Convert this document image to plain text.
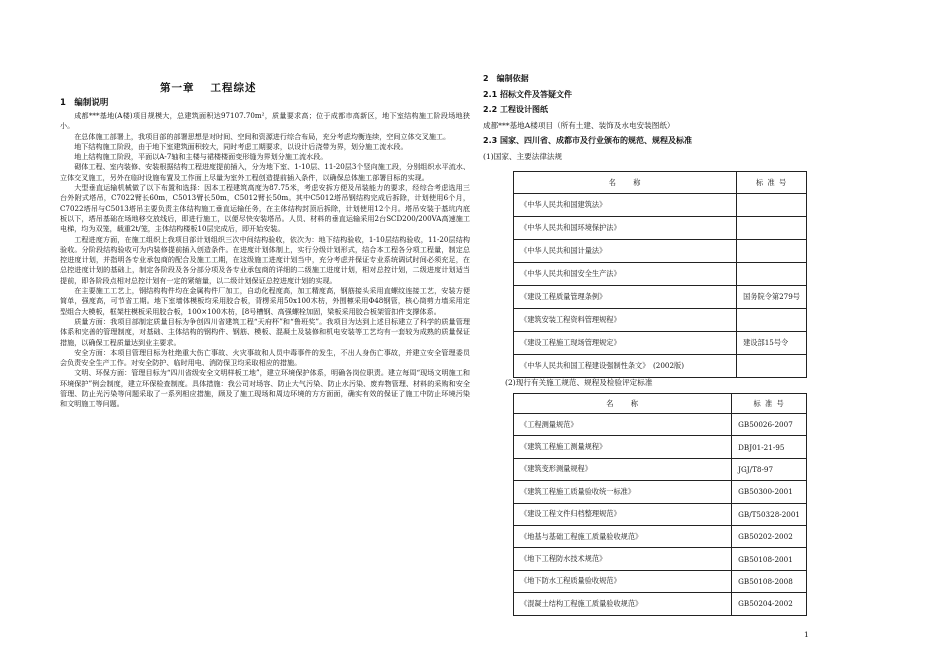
第一章 工程综述
1　编制说明

成都***基地(A楼)项目规模大，总建筑面积达97107.70m²，质量要求高；位于成都市高新区，地下室结构施工阶段场地狭小。

在总体施工部署上，我项目部的部署思想是对时间、空间和资源进行综合布局，充分考虑均衡连续，空间立体交叉施工。

地下结构施工阶段，由于地下室建筑面积较大，同时考虑工期要求，以设计后浇带为界，划分施工流水段。

地上结构施工阶段，平面以A-7轴和主楼与裙楼楼面变形缝为界划分施工流水段。

砌体工程、室内装修、安装根据结构工程进度提前插入，分为地下室、1-10层、11-20层3个竖向施工段，分别组织水平流水、立体交叉施工，另外在临时设施布置及工作面上尽量为室外工程创造提前插入条件，以确保总体施工部署目标的实现。

大型垂直运输机械做了以下布置和选择：因本工程建筑高度为87.75米，考虑安拆方便及吊装能力的要求，经综合考虑选用三台外附式塔吊，C7022臂长60m，C5013臂长50m，C5012臂长50m。其中C5012塔吊钢结构完成后拆除，计划使用6个月，C7022塔吊与C5013塔吊主要负责主体结构施工垂直运输任务，在主体结构封顶后拆除，计划使用12个月。塔吊安装于基坑内底板以下，塔吊基础在场地移交放线后，即进行施工，以便尽快安装塔吊。人员、材料的垂直运输采用2台SCD200/200VA高速施工电梯，均为双笼，载重2t/笼，主体结构楼板10层完成后，即开始安装。

工程进度方面，在施工组织上我项目部计划组织三次中间结构验收，依次为：地下结构验收，1-10层结构验收，11-20层结构验收。分阶段结构验收可为内装修提前插入创造条件。在进度计划体制上，实行分级计划形式，结合本工程各分项工程量，制定总控进度计划，并指明各专业承包商的配合及施工工期，在这级施工进度计划当中，充分考虑并保证专业系统调试时间必须充足，在总控进度计划的基础上，制定各阶段及各分部分项及各专业承包商的详细的二级施工进度计划，相对总控计划，二级进度计划适当提前，即各阶段点相对总控计划有一定的紧缩量，以二级计划保证总控进度计划的实现。

在主要施工工艺上，钢结构构件均在金属构件厂加工，自动化程度高，加工精度高，钢筋接头采用直螺纹连接工艺，安装方便简单，强度高，可节省工期。地下室墙体模板均采用胶合板，背楞采用50x100木枋，外围檩采用Φ48钢管，核心筒剪力墙采用定型组合大模板，框架柱模板采用胶合板，100×100木枋，[8号槽钢、高强螺栓加固，梁板采用胶合板架管扣件支撑体系。

质量方面：我项目部制定质量目标为争创四川省建筑工程“天府杯”和“鲁班奖”。我项目为达到上述目标建立了科学的质量管理体系和完善的管理制度，对基础、主体结构的钢构件、钢筋、模板、混凝土及装修和机电安装等工艺均有一套较为成熟的质量保证措施，以确保工程质量达到业主要求。

安全方面：本项目管理目标为杜绝重大伤亡事故、火灾事故和人员中毒事件的发生，不出人身伤亡事故，并建立安全管理委员会负责安全生产工作。对安全防护、临时用电、消防保卫均采取相应的措施。

文明、环保方面：管理目标为“四川省级安全文明样板工地”，建立环境保护体系，明确各岗位职责。建立每周“现场文明施工和环境保护”例会制度，建立环保检查制度。具体措施：我公司对场容、防止大气污染、防止水污染、废弃物管理、材料的采购和安全管理、防止光污染等问题采取了一系列相应措施，顾及了施工现场和周边环境的方方面面，确实有效的保证了施工中防止环境污染和文明施工等问题。

2　编制依据
2.1 招标文件及答疑文件
2.2 工程设计图纸
成都***基地A楼项目（所有土建、装饰及水电安装图纸）
2.3 国家、四川省、成都市及行业颁布的规范、规程及标准
(1)国家、主要法律法规
名　　称	标 准 号
《中华人民共和国建筑法》	
《中华人民共和国环境保护法》	
《中华人民共和国计量法》	
《中华人民共和国安全生产法》	
《建设工程质量管理条例》	国务院令第279号
《建筑安装工程资料管理规程》	
《建设工程施工现场管理规定》	建设部15号令
《中华人民共和国工程建设强制性条文》　(2002版)	
(2)现行有关施工规范、规程及检验评定标准
名　　称	标 准 号
《工程测量规范》	GB50026-2007
《建筑工程施工测量规程》	DBJ01-21-95
《建筑变形测量规程》	JGJ/T8-97
《建筑工程施工质量验收统一标准》	GB50300-2001
《建设工程文件归档整理规范》	GB/T50328-2001
《地基与基础工程施工质量验收规范》	GB50202-2002
《地下工程防水技术规范》	GB50108-2001
《地下防水工程质量验收规范》	GB50108-2008
《混凝土结构工程施工质量验收规范》	GB50204-2002
1
